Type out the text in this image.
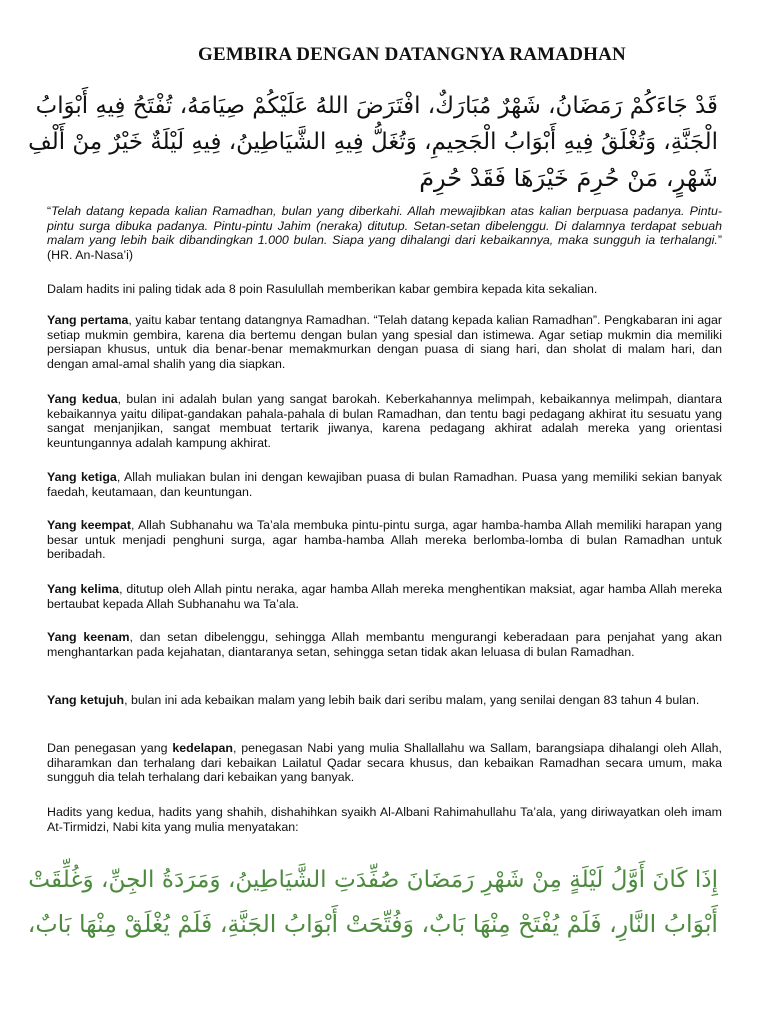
GEMBIRA DENGAN DATANGNYA RAMADHAN
قَدْ جَاءَكُمْ رَمَضَانُ، شَهْرٌ مُبَارَكٌ، افْتَرَضَ اللهُ عَلَيْكُمْ صِيَامَهُ، تُفْتَحُ فِيهِ أَبْوَابُ
الْجَنَّةِ، وَتُغْلَقُ فِيهِ أَبْوَابُ الْجَحِيمِ، وَتُغَلُّ فِيهِ الشَّيَاطِينُ، فِيهِ لَيْلَةٌ خَيْرٌ مِنْ أَلْفِ
شَهْرٍ، مَنْ حُرِمَ خَيْرَهَا فَقَدْ حُرِمَ
“Telah datang kepada kalian Ramadhan, bulan yang diberkahi. Allah mewajibkan atas kalian berpuasa padanya. Pintu-pintu surga dibuka padanya. Pintu-pintu Jahim (neraka) ditutup. Setan-setan dibelenggu. Di dalamnya terdapat sebuah malam yang lebih baik dibandingkan 1.000 bulan. Siapa yang dihalangi dari kebaikannya, maka sungguh ia terhalangi.” (HR. An-Nasa’i)

Dalam hadits ini paling tidak ada 8 poin Rasulullah memberikan kabar gembira kepada kita sekalian.

Yang pertama, yaitu kabar tentang datangnya Ramadhan. “Telah datang kepada kalian Ramadhan”. Pengkabaran ini agar setiap mukmin gembira, karena dia bertemu dengan bulan yang spesial dan istimewa. Agar setiap mukmin dia memiliki persiapan khusus, untuk dia benar-benar memakmurkan dengan puasa di siang hari, dan sholat di malam hari, dan dengan amal-amal shalih yang dia siapkan.

Yang kedua, bulan ini adalah bulan yang sangat barokah. Keberkahannya melimpah, kebaikannya melimpah, diantara kebaikannya yaitu dilipat-gandakan pahala-pahala di bulan Ramadhan, dan tentu bagi pedagang akhirat itu sesuatu yang sangat menjanjikan, sangat membuat tertarik jiwanya, karena pedagang akhirat adalah mereka yang orientasi keuntungannya adalah kampung akhirat.

Yang ketiga, Allah muliakan bulan ini dengan kewajiban puasa di bulan Ramadhan. Puasa yang memiliki sekian banyak faedah, keutamaan, dan keuntungan.

Yang keempat, Allah Subhanahu wa Ta’ala membuka pintu-pintu surga, agar hamba-hamba Allah memiliki harapan yang besar untuk menjadi penghuni surga, agar hamba-hamba Allah mereka berlomba-lomba di bulan Ramadhan untuk beribadah.

Yang kelima, ditutup oleh Allah pintu neraka, agar hamba Allah mereka menghentikan maksiat, agar hamba Allah mereka bertaubat kepada Allah Subhanahu wa Ta’ala.

Yang keenam, dan setan dibelenggu, sehingga Allah membantu mengurangi keberadaan para penjahat yang akan menghantarkan pada kejahatan, diantaranya setan, sehingga setan tidak akan leluasa di bulan Ramadhan.

Yang ketujuh, bulan ini ada kebaikan malam yang lebih baik dari seribu malam, yang senilai dengan 83 tahun 4 bulan.

Dan penegasan yang kedelapan, penegasan Nabi yang mulia Shallallahu wa Sallam, barangsiapa dihalangi oleh Allah, diharamkan dan terhalang dari kebaikan Lailatul Qadar secara khusus, dan kebaikan Ramadhan secara umum, maka sungguh dia telah terhalang dari kebaikan yang banyak.

Hadits yang kedua, hadits yang shahih, dishahihkan syaikh Al-Albani Rahimahullahu Ta’ala, yang diriwayatkan oleh imam At-Tirmidzi, Nabi kita yang mulia menyatakan:

إِذَا كَانَ أَوَّلُ لَيْلَةٍ مِنْ شَهْرِ رَمَضَانَ صُفِّدَتِ الشَّيَاطِينُ، وَمَرَدَةُ الجِنِّ، وَغُلِّقَتْ
أَبْوَابُ النَّارِ، فَلَمْ يُفْتَحْ مِنْهَا بَابٌ، وَفُتِّحَتْ أَبْوَابُ الجَنَّةِ، فَلَمْ يُغْلَقْ مِنْهَا بَابٌ،
